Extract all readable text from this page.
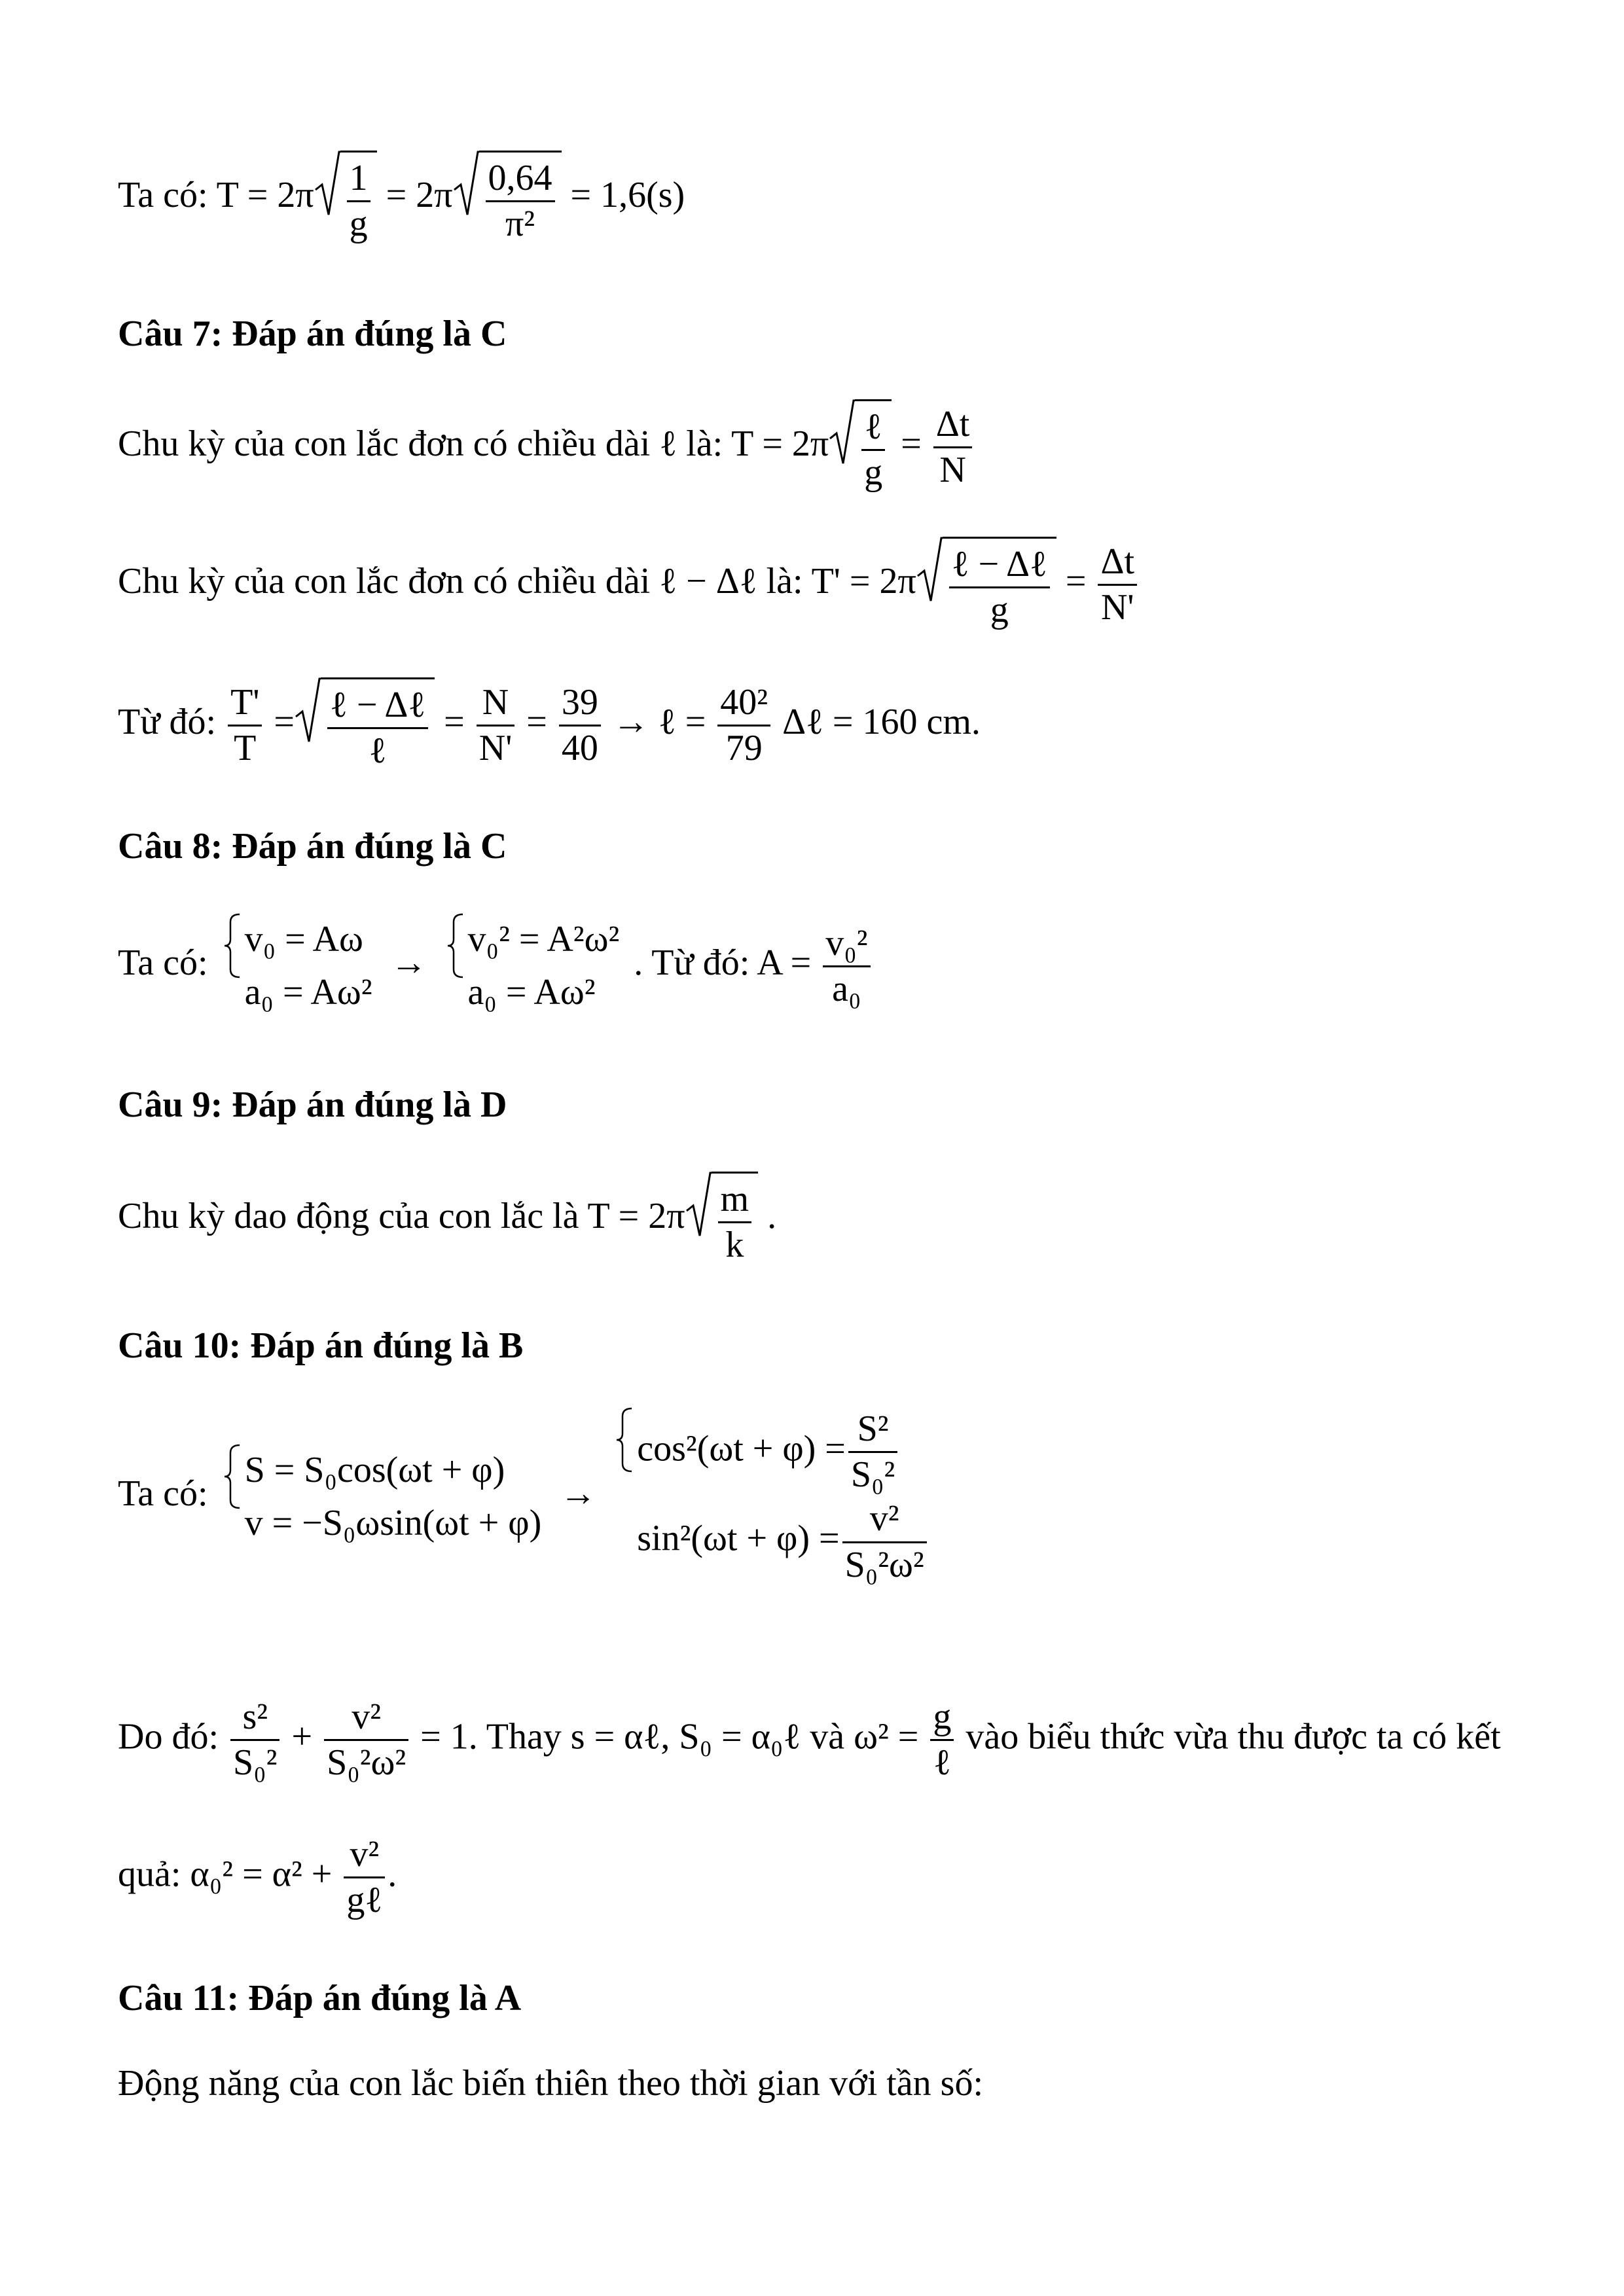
Ta có: $T = 2\pi \frac{1}{g} = 2\pi \frac{0,64}{\text{π²}} = 1,6(s)$
Câu 7: Đáp án đúng là C
Chu kỳ của con lắc đơn có chiều dài ℓ là: $T = 2\pi \frac{\text{ℓ}}{g} = \frac{\Delta t}{N}$
Chu kỳ của con lắc đơn có chiều dài ℓ − Δℓ là: $T' = 2\pi \frac{\text{ℓ − Δℓ}}{g} = \frac{\Delta t}{N'}$
Từ đó: $\frac{T'}{T} = \frac{\text{ℓ − Δℓ}}{\text{ℓ}} = \frac{N}{N'} = \frac{39}{40}$ → ℓ = $\frac{\text{40²}}{79}$ Δℓ = 160 cm.
Câu 8: Đáp án đúng là C
Ta có:
v₀ = Aω
a₀ = Aω²
→
v₀² = A²ω²
a₀ = Aω²
. Từ đó: $A = \frac{\text{v₀²}}{\text{a₀}}$
Câu 9: Đáp án đúng là D
Chu kỳ dao động của con lắc là $T = 2\pi \frac{m}{k}$ .
Câu 10: Đáp án đúng là B
Ta có:
S = S₀cos(ωt + φ)
v = −S₀ωsin(ωt + φ)
→
$\cos^2(\omega t + \varphi) = \frac{\text{S²}}{\text{S₀²}}$
$\sin^2(\omega t + \varphi) = \frac{\text{v²}}{\text{S₀²ω²}}$
Do đó: $\frac{\text{s²}}{\text{S₀²}} + \frac{\text{v²}}{\text{S₀²ω²}} = 1$. Thay s = αℓ, S₀ = α₀ℓ và $\omega^2 = \frac{g}{\text{ℓ}}$ vào biểu thức vừa thu được ta có kết
quả: $\alpha_0^2 = \alpha^2 + \frac{\text{v²}}{\text{gℓ}}$ .
Câu 11: Đáp án đúng là A
Động năng của con lắc biến thiên theo thời gian với tần số:
